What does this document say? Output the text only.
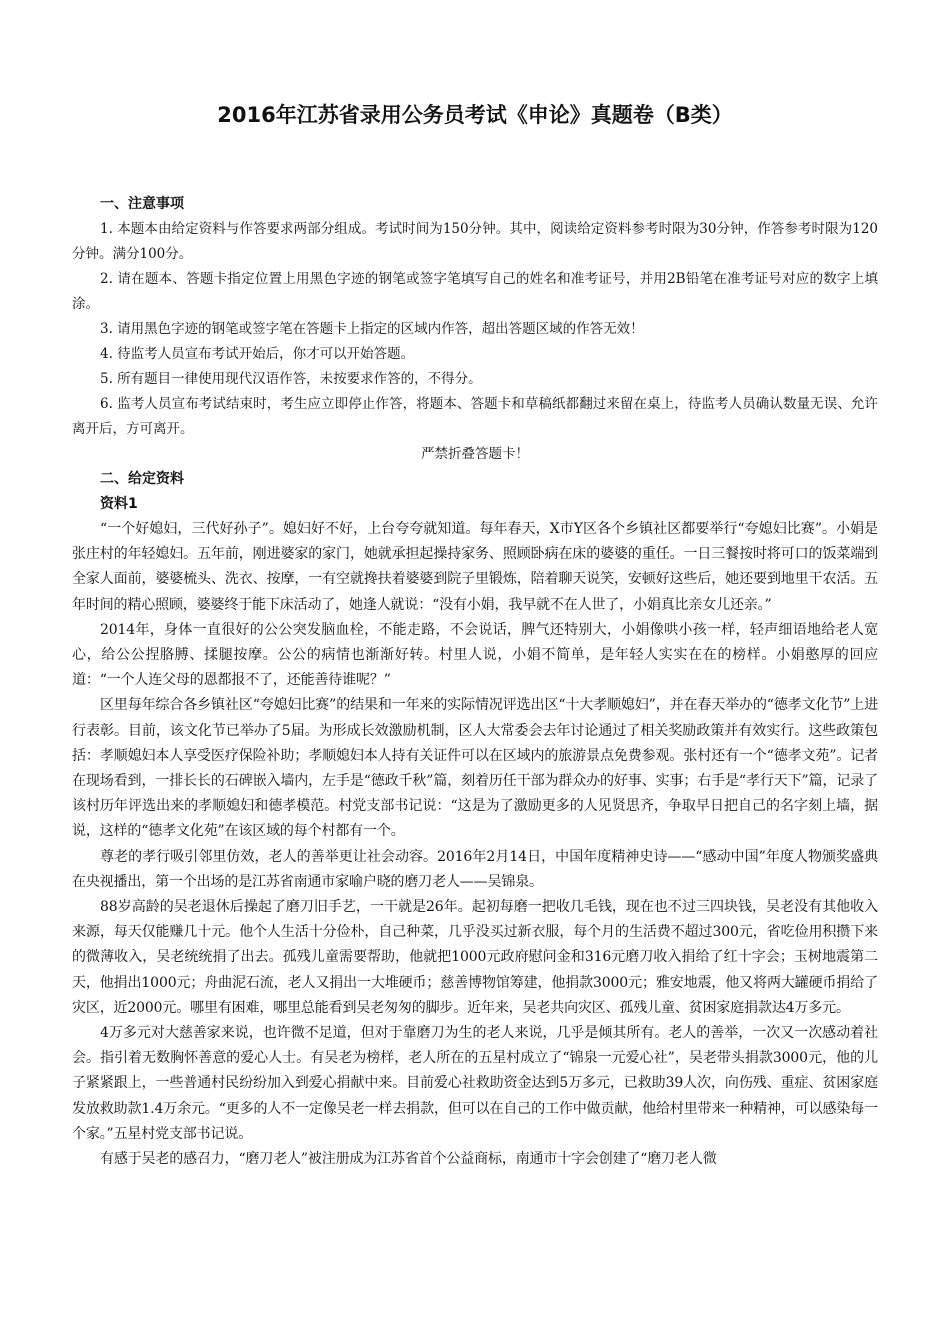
2016年江苏省录用公务员考试《申论》真题卷（B类）
一、注意事项

1. 本题本由给定资料与作答要求两部分组成。考试时间为150分钟。其中，阅读给定资料参考时限为30分钟，作答参考时限为120分钟。满分100分。

2. 请在题本、答题卡指定位置上用黑色字迹的钢笔或签字笔填写自己的姓名和准考证号，并用2B铅笔在准考证号对应的数字上填涂。

3. 请用黑色字迹的钢笔或签字笔在答题卡上指定的区域内作答，超出答题区域的作答无效！

4. 待监考人员宣布考试开始后，你才可以开始答题。

5. 所有题目一律使用现代汉语作答，未按要求作答的，不得分。

6. 监考人员宣布考试结束时，考生应立即停止作答，将题本、答题卡和草稿纸都翻过来留在桌上，待监考人员确认数量无误、允许离开后，方可离开。

严禁折叠答题卡！

二、给定资料
资料1

“一个好媳妇，三代好孙子”。媳妇好不好，上台夸夸就知道。每年春天，X市Y区各个乡镇社区都要举行“夸媳妇比赛”。小娟是张庄村的年轻媳妇。五年前，刚进婆家的家门，她就承担起操持家务、照顾卧病在床的婆婆的重任。一日三餐按时将可口的饭菜端到全家人面前，婆婆梳头、洗衣、按摩，一有空就搀扶着婆婆到院子里锻炼，陪着聊天说笑，安顿好这些后，她还要到地里干农活。五年时间的精心照顾，婆婆终于能下床活动了，她逢人就说：“没有小娟，我早就不在人世了，小娟真比亲女儿还亲。”

2014年，身体一直很好的公公突发脑血栓，不能走路，不会说话，脾气还特别大，小娟像哄小孩一样，轻声细语地给老人宽心，给公公捏胳膊、揉腿按摩。公公的病情也渐渐好转。村里人说，小娟不简单，是年轻人实实在在的榜样。小娟憨厚的回应道：“一个人连父母的恩都报不了，还能善待谁呢？”

区里每年综合各乡镇社区“夸媳妇比赛”的结果和一年来的实际情况评选出区“十大孝顺媳妇”，并在春天举办的“德孝文化节”上进行表彰。目前，该文化节已举办了5届。为形成长效激励机制，区人大常委会去年讨论通过了相关奖励政策并有效实行。这些政策包括：孝顺媳妇本人享受医疗保险补助；孝顺媳妇本人持有关证件可以在区域内的旅游景点免费参观。张村还有一个“德孝文苑”。记者在现场看到，一排长长的石碑嵌入墙内，左手是“德政千秋”篇，刻着历任干部为群众办的好事、实事；右手是“孝行天下”篇，记录了该村历年评选出来的孝顺媳妇和德孝模范。村党支部书记说：“这是为了激励更多的人见贤思齐，争取早日把自己的名字刻上墙，据说，这样的“德孝文化苑”在该区域的每个村都有一个。

尊老的孝行吸引邻里仿效，老人的善举更让社会动容。2016年2月14日，中国年度精神史诗——“感动中国”年度人物颁奖盛典在央视播出，第一个出场的是江苏省南通市家喻户晓的磨刀老人——吴锦泉。

88岁高龄的吴老退休后操起了磨刀旧手艺，一干就是26年。起初每磨一把收几毛钱，现在也不过三四块钱，吴老没有其他收入来源，每天仅能赚几十元。他个人生活十分俭朴，自己种菜，几乎没买过新衣服，每个月的生活费不超过300元，省吃俭用积攒下来的微薄收入，吴老统统捐了出去。孤残儿童需要帮助，他就把1000元政府慰问金和316元磨刀收入捐给了红十字会；玉树地震第二天，他捐出1000元；舟曲泥石流，老人又捐出一大堆硬币；慈善博物馆筹建，他捐款3000元；雅安地震，他又将两大罐硬币捐给了灾区，近2000元。哪里有困难，哪里总能看到吴老匆匆的脚步。近年来，吴老共向灾区、孤残儿童、贫困家庭捐款达4万多元。

4万多元对大慈善家来说，也许微不足道，但对于靠磨刀为生的老人来说，几乎是倾其所有。老人的善举，一次又一次感动着社会。指引着无数胸怀善意的爱心人士。有吴老为榜样，老人所在的五星村成立了“锦泉一元爱心社”，吴老带头捐款3000元，他的儿子紧紧跟上，一些普通村民纷纷加入到爱心捐献中来。目前爱心社救助资金达到5万多元，已救助39人次，向伤残、重症、贫困家庭发放救助款1.4万余元。“更多的人不一定像吴老一样去捐款，但可以在自己的工作中做贡献，他给村里带来一种精神，可以感染每一个家。”五星村党支部书记说。

有感于吴老的感召力，“磨刀老人”被注册成为江苏省首个公益商标，南通市十字会创建了“磨刀老人微
